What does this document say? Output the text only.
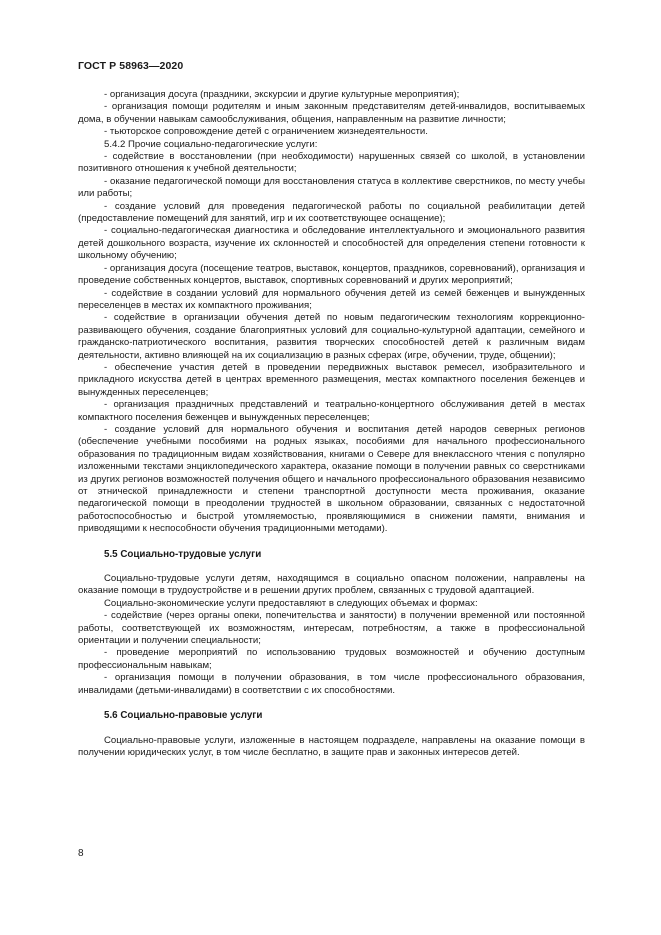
ГОСТ Р 58963—2020

- организация досуга (праздники, экскурсии и другие культурные мероприятия);

- организация помощи родителям и иным законным представителям детей-инвалидов, воспитываемых дома, в обучении навыкам самообслуживания, общения, направленным на развитие личности;

- тьюторское сопровождение детей с ограничением жизнедеятельности.

5.4.2 Прочие социально-педагогические услуги:

- содействие в восстановлении (при необходимости) нарушенных связей со школой, в установлении позитивного отношения к учебной деятельности;

- оказание педагогической помощи для восстановления статуса в коллективе сверстников, по месту учебы или работы;

- создание условий для проведения педагогической работы по социальной реабилитации детей (предоставление помещений для занятий, игр и их соответствующее оснащение);

- социально-педагогическая диагностика и обследование интеллектуального и эмоционального развития детей дошкольного возраста, изучение их склонностей и способностей для определения степени готовности к школьному обучению;

- организация досуга (посещение театров, выставок, концертов, праздников, соревнований), организация и проведение собственных концертов, выставок, спортивных соревнований и других мероприятий;

- содействие в создании условий для нормального обучения детей из семей беженцев и вынужденных переселенцев в местах их компактного проживания;

- содействие в организации обучения детей по новым педагогическим технологиям коррекционно-развивающего обучения, создание благоприятных условий для социально-культурной адаптации, семейного и гражданско-патриотического воспитания, развития творческих способностей детей к различным видам деятельности, активно влияющей на их социализацию в разных сферах (игре, обучении, труде, общении);

- обеспечение участия детей в проведении передвижных выставок ремесел, изобразительного и прикладного искусства детей в центрах временного размещения, местах компактного поселения беженцев и вынужденных переселенцев;

- организация праздничных представлений и театрально-концертного обслуживания детей в местах компактного поселения беженцев и вынужденных переселенцев;

- создание условий для нормального обучения и воспитания детей народов северных регионов (обеспечение учебными пособиями на родных языках, пособиями для начального профессионального образования по традиционным видам хозяйствования, книгами о Севере для внеклассного чтения с популярно изложенными текстами энциклопедического характера, оказание помощи в получении равных со сверстниками из других регионов возможностей получения общего и начального профессионального образования независимо от этнической принадлежности и степени транспортной доступности места проживания, оказание педагогической помощи в преодолении трудностей в школьном образовании, связанных с недостаточной работоспособностью и быстрой утомляемостью, проявляющимися в снижении памяти, внимания и приводящими к неспособности обучения традиционными методами).

5.5 Социально-трудовые услуги

Социально-трудовые услуги детям, находящимся в социально опасном положении, направлены на оказание помощи в трудоустройстве и в решении других проблем, связанных с трудовой адаптацией.

Социально-экономические услуги предоставляют в следующих объемах и формах:

- содействие (через органы опеки, попечительства и занятости) в получении временной или постоянной работы, соответствующей их возможностям, интересам, потребностям, а также в профессиональной ориентации и получении специальности;

- проведение мероприятий по использованию трудовых возможностей и обучению доступным профессиональным навыкам;

- организация помощи в получении образования, в том числе профессионального образования, инвалидами (детьми-инвалидами) в соответствии с их способностями.

5.6 Социально-правовые услуги

Социально-правовые услуги, изложенные в настоящем подразделе, направлены на оказание помощи в получении юридических услуг, в том числе бесплатно, в защите прав и законных интересов детей.

8
